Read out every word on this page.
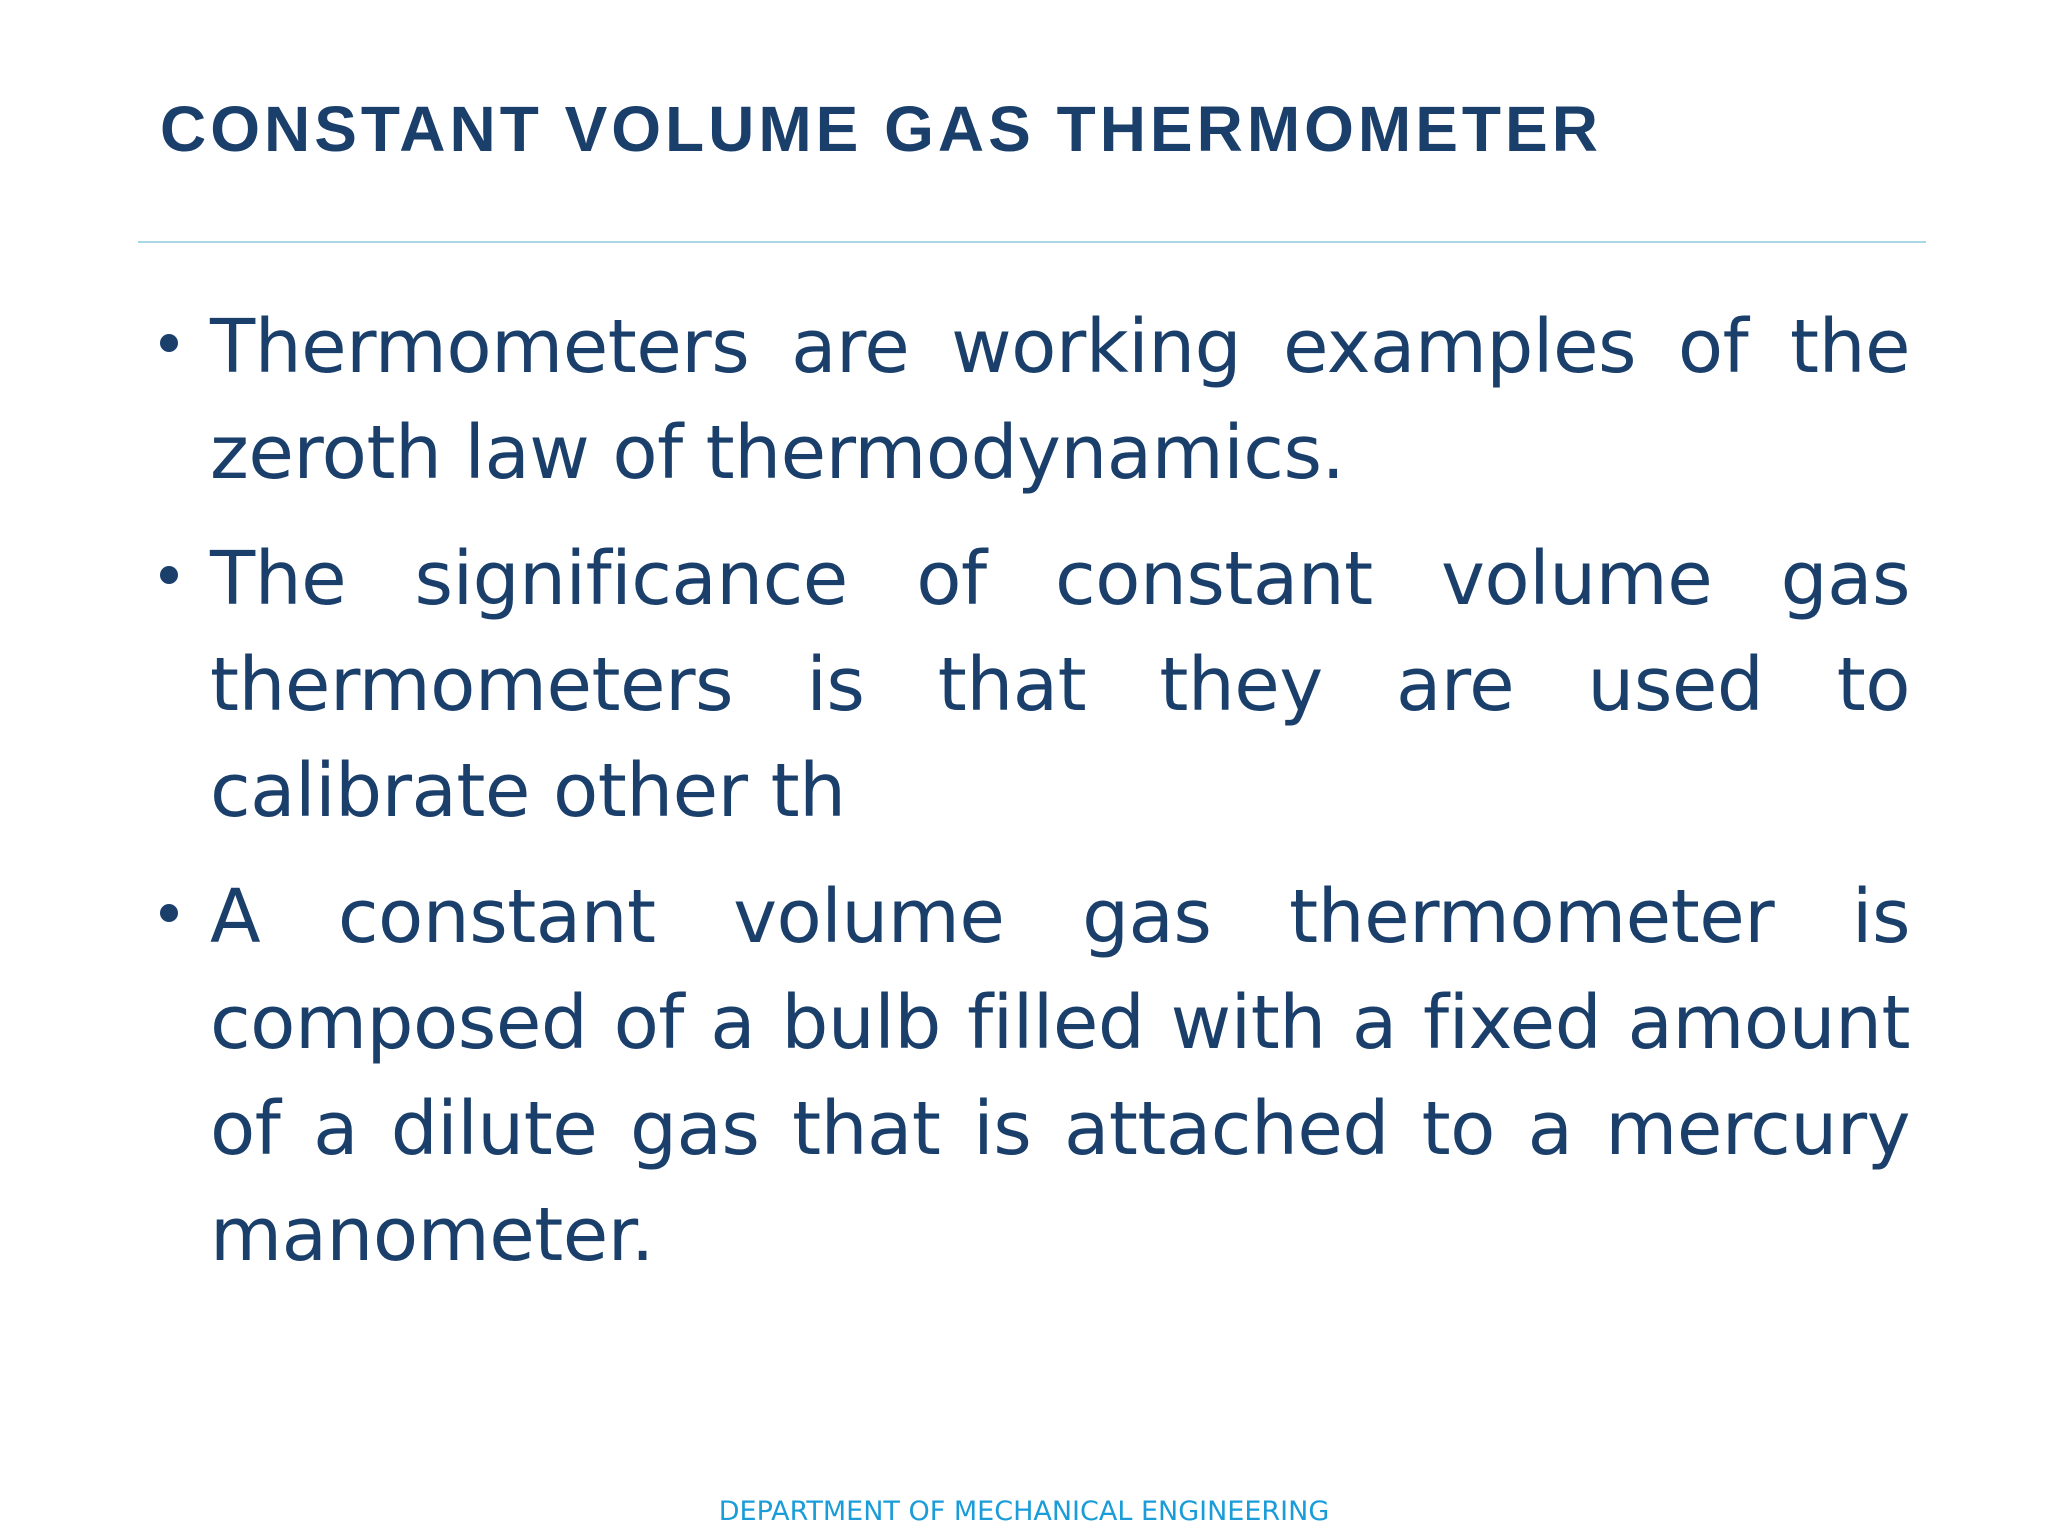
CONSTANT VOLUME GAS THERMOMETER
Thermometers are working examples of the zeroth law of thermodynamics.
The significance of constant volume gas thermometers is that they are used to calibrate other th
A constant volume gas thermometer is composed of a bulb filled with a fixed amount of a dilute gas that is attached to a mercury manometer.
DEPARTMENT OF MECHANICAL ENGINEERING
